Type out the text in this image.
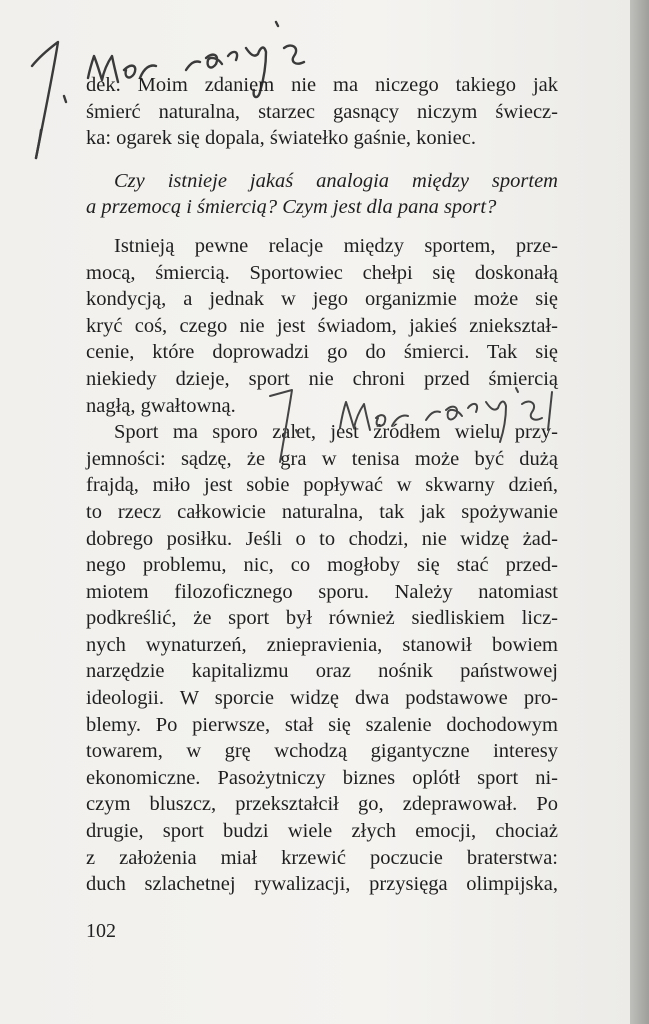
dek. Moim zdaniem nie ma niczego takiego jak
śmierć naturalna, starzec gasnący niczym świecz-
ka: ogarek się dopala, światełko gaśnie, koniec.

Czy istnieje jakaś analogia między sportem
a przemocą i śmiercią? Czym jest dla pana sport?

Istnieją pewne relacje między sportem, prze-
mocą, śmiercią. Sportowiec chełpi się doskonałą
kondycją, a jednak w jego organizmie może się
kryć coś, czego nie jest świadom, jakieś zniekształ-
cenie, które doprowadzi go do śmierci. Tak się
niekiedy dzieje, sport nie chroni przed śmiercią
nagłą, gwałtowną.

Sport ma sporo zalet, jest źródłem wielu przy-
jemności: sądzę, że gra w tenisa może być dużą
frajdą, miło jest sobie popływać w skwarny dzień,
to rzecz całkowicie naturalna, tak jak spożywanie
dobrego posiłku. Jeśli o to chodzi, nie widzę żad-
nego problemu, nic, co mogłoby się stać przed-
miotem filozoficznego sporu. Należy natomiast
podkreślić, że sport był również siedliskiem licz-
nych wynaturzeń, zniepravienia, stanowił bowiem
narzędzie kapitalizmu oraz nośnik państwowej
ideologii. W sporcie widzę dwa podstawowe pro-
blemy. Po pierwsze, stał się szalenie dochodowym
towarem, w grę wchodzą gigantyczne interesy
ekonomiczne. Pasożytniczy biznes oplótł sport ni-
czym bluszcz, przekształcił go, zdeprawował. Po
drugie, sport budzi wiele złych emocji, chociaż
z założenia miał krzewić poczucie braterstwa:
duch szlachetnej rywalizacji, przysięga olimpijska,

102
